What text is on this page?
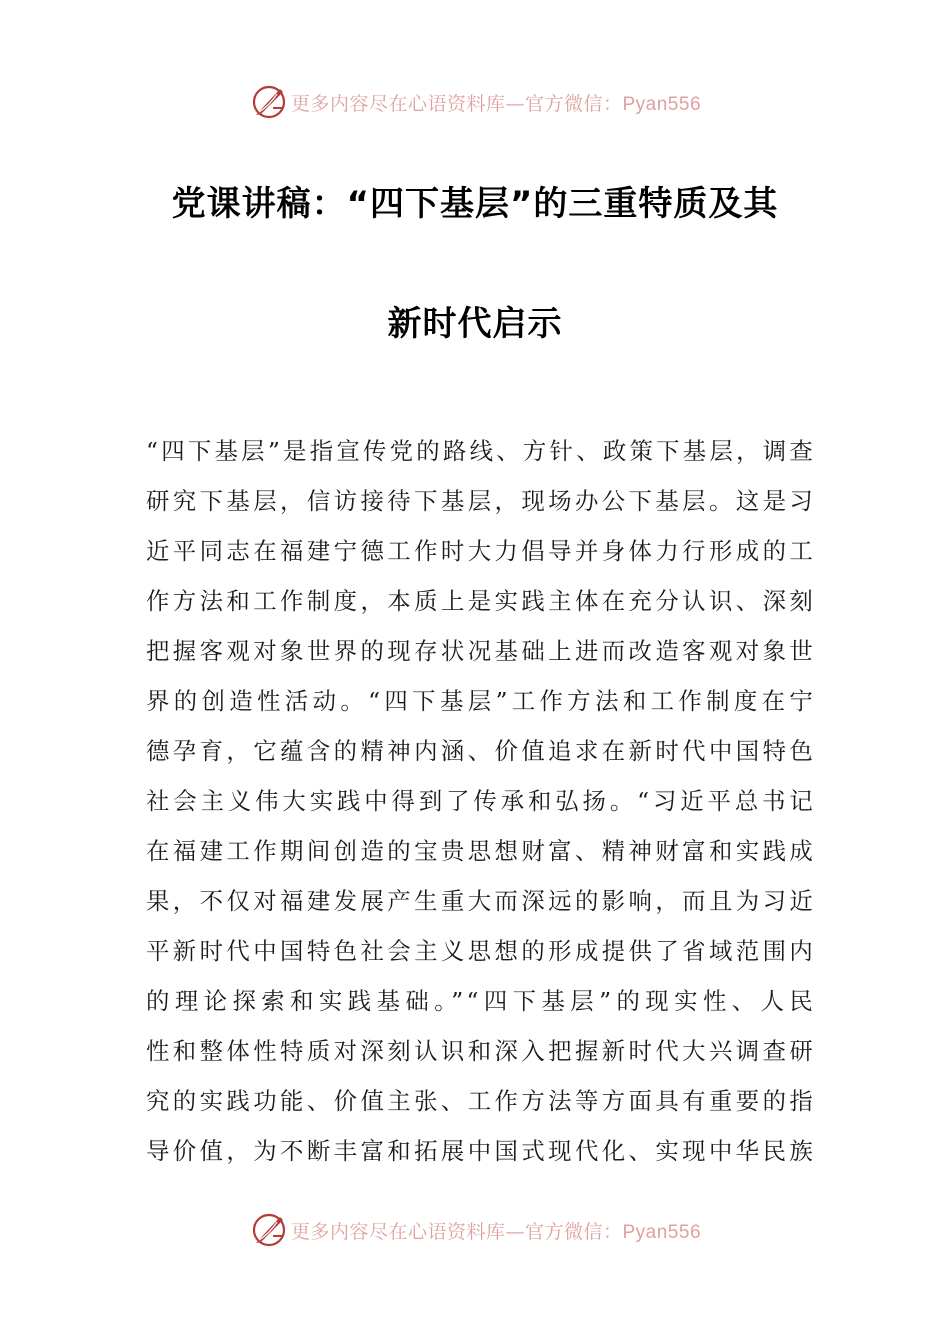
更多内容尽在心语资料库—官方微信：Pyan556
党课讲稿：“四下基层”的三重特质及其
新时代启示
“四下基层”是指宣传党的路线、方针、政策下基层，调查
研究下基层，信访接待下基层，现场办公下基层。这是习
近平同志在福建宁德工作时大力倡导并身体力行形成的工
作方法和工作制度，本质上是实践主体在充分认识、深刻
把握客观对象世界的现存状况基础上进而改造客观对象世
界的创造性活动。“四下基层”工作方法和工作制度在宁
德孕育，它蕴含的精神内涵、价值追求在新时代中国特色
社会主义伟大实践中得到了传承和弘扬。“习近平总书记
在福建工作期间创造的宝贵思想财富、精神财富和实践成
果，不仅对福建发展产生重大而深远的影响，而且为习近
平新时代中国特色社会主义思想的形成提供了省域范围内
的理论探索和实践基础。”“四下基层”的现实性、人民
性和整体性特质对深刻认识和深入把握新时代大兴调查研
究的实践功能、价值主张、工作方法等方面具有重要的指
导价值，为不断丰富和拓展中国式现代化、实现中华民族
更多内容尽在心语资料库—官方微信：Pyan556
